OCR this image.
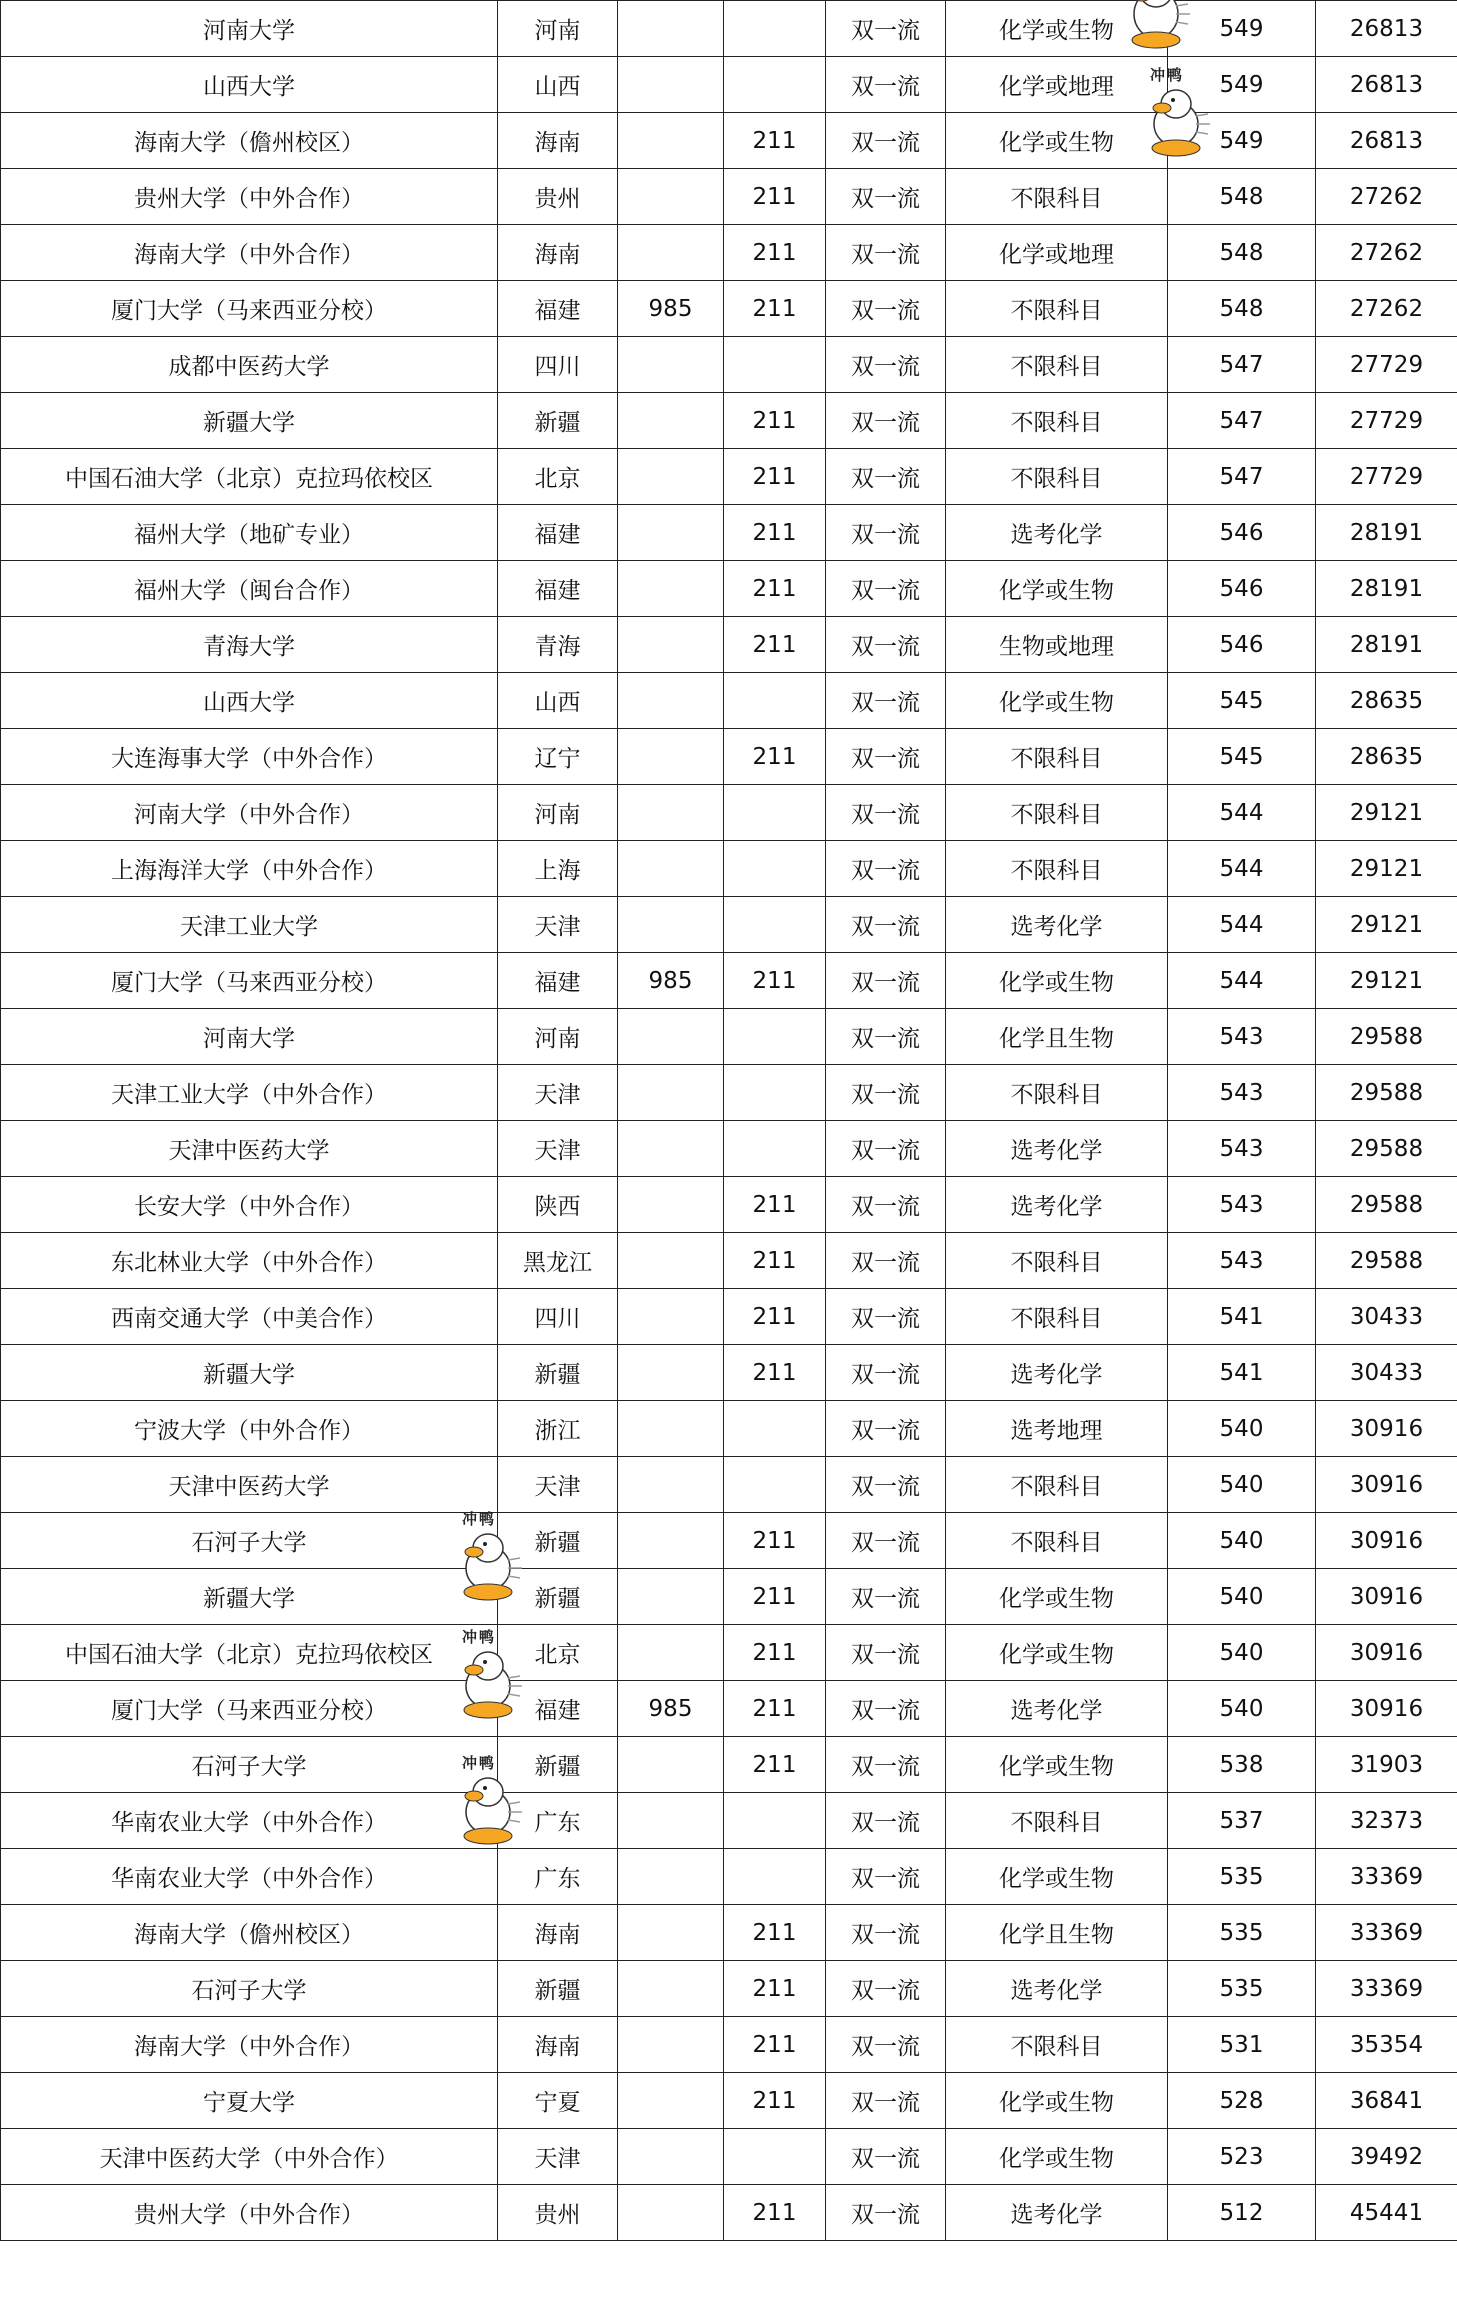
河南大学	河南			双一流	化学或生物	549	26813
山西大学	山西			双一流	化学或地理	549	26813
海南大学（儋州校区）	海南		211	双一流	化学或生物	549	26813
贵州大学（中外合作）	贵州		211	双一流	不限科目	548	27262
海南大学（中外合作）	海南		211	双一流	化学或地理	548	27262
厦门大学（马来西亚分校）	福建	985	211	双一流	不限科目	548	27262
成都中医药大学	四川			双一流	不限科目	547	27729
新疆大学	新疆		211	双一流	不限科目	547	27729
中国石油大学（北京）克拉玛依校区	北京		211	双一流	不限科目	547	27729
福州大学（地矿专业）	福建		211	双一流	选考化学	546	28191
福州大学（闽台合作）	福建		211	双一流	化学或生物	546	28191
青海大学	青海		211	双一流	生物或地理	546	28191
山西大学	山西			双一流	化学或生物	545	28635
大连海事大学（中外合作）	辽宁		211	双一流	不限科目	545	28635
河南大学（中外合作）	河南			双一流	不限科目	544	29121
上海海洋大学（中外合作）	上海			双一流	不限科目	544	29121
天津工业大学	天津			双一流	选考化学	544	29121
厦门大学（马来西亚分校）	福建	985	211	双一流	化学或生物	544	29121
河南大学	河南			双一流	化学且生物	543	29588
天津工业大学（中外合作）	天津			双一流	不限科目	543	29588
天津中医药大学	天津			双一流	选考化学	543	29588
长安大学（中外合作）	陕西		211	双一流	选考化学	543	29588
东北林业大学（中外合作）	黑龙江		211	双一流	不限科目	543	29588
西南交通大学（中美合作）	四川		211	双一流	不限科目	541	30433
新疆大学	新疆		211	双一流	选考化学	541	30433
宁波大学（中外合作）	浙江			双一流	选考地理	540	30916
天津中医药大学	天津			双一流	不限科目	540	30916
石河子大学	新疆		211	双一流	不限科目	540	30916
新疆大学	新疆		211	双一流	化学或生物	540	30916
中国石油大学（北京）克拉玛依校区	北京		211	双一流	化学或生物	540	30916
厦门大学（马来西亚分校）	福建	985	211	双一流	选考化学	540	30916
石河子大学	新疆		211	双一流	化学或生物	538	31903
华南农业大学（中外合作）	广东			双一流	不限科目	537	32373
华南农业大学（中外合作）	广东			双一流	化学或生物	535	33369
海南大学（儋州校区）	海南		211	双一流	化学且生物	535	33369
石河子大学	新疆		211	双一流	选考化学	535	33369
海南大学（中外合作）	海南		211	双一流	不限科目	531	35354
宁夏大学	宁夏		211	双一流	化学或生物	528	36841
天津中医药大学（中外合作）	天津			双一流	化学或生物	523	39492
贵州大学（中外合作）	贵州		211	双一流	选考化学	512	45441
冲鸭
冲鸭
冲鸭
冲鸭
